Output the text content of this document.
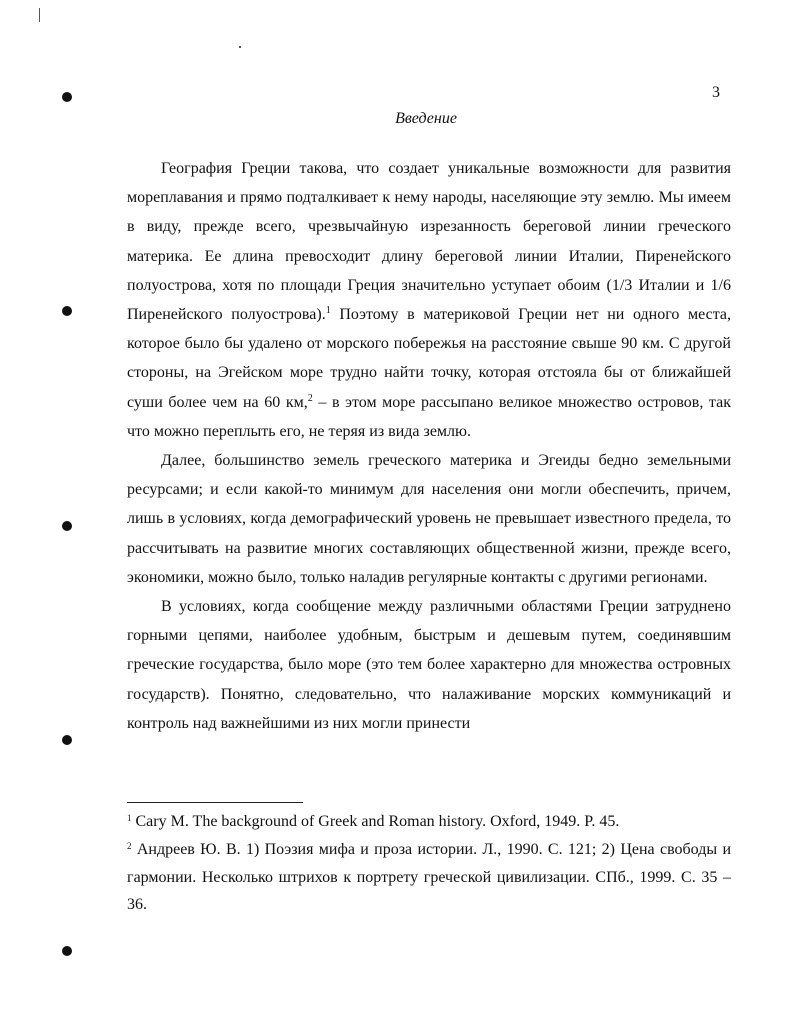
3
Введение

География Греции такова, что создает уникальные возможности для развития мореплавания и прямо подталкивает к нему народы, населяющие эту землю. Мы имеем в виду, прежде всего, чрезвычайную изрезанность береговой линии греческого материка. Ее длина превосходит длину береговой линии Италии, Пиренейского полуострова, хотя по площади Греция значительно уступает обоим (1/3 Италии и 1/6 Пиренейского полуострова).$^1$ Поэтому в материковой Греции нет ни одного места, которое было бы удалено от морского побережья на расстояние свыше 90 км. С другой стороны, на Эгейском море трудно найти точку, которая отстояла бы от ближайшей суши более чем на 60 км,$^2$ – в этом море рассыпано великое множество островов, так что можно переплыть его, не теряя из вида землю.

Далее, большинство земель греческого материка и Эгеиды бедно земельными ресурсами; и если какой-то минимум для населения они могли обеспечить, причем, лишь в условиях, когда демографический уровень не превышает известного предела, то рассчитывать на развитие многих составляющих общественной жизни, прежде всего, экономики, можно было, только наладив регулярные контакты с другими регионами.

В условиях, когда сообщение между различными областями Греции затруднено горными цепями, наиболее удобным, быстрым и дешевым путем, соединявшим греческие государства, было море (это тем более характерно для множества островных государств). Понятно, следовательно, что налаживание морских коммуникаций и контроль над важнейшими из них могли принести

$^1$ Cary M. The background of Greek and Roman history. Oxford, 1949. P. 45.

$^2$ Андреев Ю. В. 1) Поэзия мифа и проза истории. Л., 1990. С. 121; 2) Цена свободы и гармонии. Несколько штрихов к портрету греческой цивилизации. СПб., 1999. С. 35 – 36.
